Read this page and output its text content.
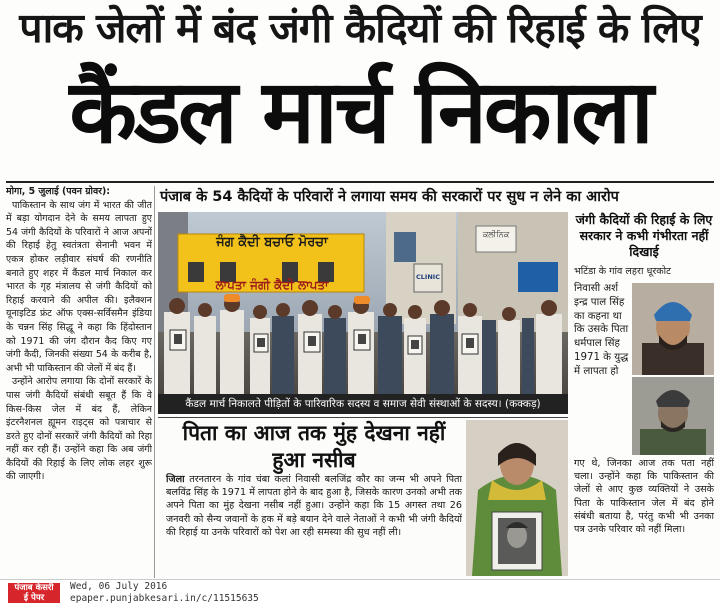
पाक जेलों में बंद जंगी कैदियों की रिहाई के लिए
कैंडल मार्च निकाला
मोगा, 5 जुलाई (पवन ग्रोवर):

पाकिस्तान के साथ जंग में भारत की जीत में बड़ा योगदान देने के समय लापता हुए 54 जंगी कैदियों के परिवारों ने आज अपनों की रिहाई हेतु स्वतंत्रता सेनानी भवन में एकत्र होकर लड़ीवार संघर्ष की रणनीति बनाते हुए शहर में कैंडल मार्च निकाल कर भारत के गृह मंत्रालय से जंगी कैदियों को रिहाई करवाने की अपील की। इलैक्शन यूनाइटिड फ्रंट ऑफ एक्स-सर्विसमैन इंडिया के चन्नन सिंह सिद्धू ने कहा कि हिंदोस्तान को 1971 की जंग दौरान कैद किए गए जंगी कैदी, जिनकी संख्या 54 के करीब है, अभी भी पाकिस्तान की जेलों में बंद हैं।

उन्होंने आरोप लगाया कि दोनों सरकारें के पास जंगी कैदियों संबंधी सबूत हैं कि वे किस-किस जेल में बंद हैं, लेकिन इंटरनैशनल ह्यूमन राइट्स को पत्राचार से डरते हुए दोनों सरकारें जंगी कैदियों को रिहा नहीं कर रही हैं। उन्होंने कहा कि अब जंगी कैदियों की रिहाई के लिए लोक लहर शुरू की जाएगी।

पंजाब के 54 कैदियों के परिवारों ने लगाया समय की सरकारों पर सुध न लेने का आरोप
ਜੰਗ ਕੈਦੀ ਬਚਾਓ ਮੋਰਚਾ
ਲਾਪਤਾ ਜੰਗੀ ਕੈਦੀ ਲਾਪਤਾ
ਕਲੀਨਿਕ
CLINIC
कैंडल मार्च निकालते पीड़ितों के पारिवारिक सदस्य व समाज सेवी संस्थाओं के सदस्य। (कक्कड़)
जंगी कैदियों की रिहाई के लिए सरकार ने कभी गंभीरता नहीं दिखाई
भटिंडा के गांव लहरा धूरकोट
निवासी अर्श इन्द्र पाल सिंह का कहना था कि उसके पिता धर्मपाल सिंह 1971 के युद्ध में लापता हो
गए थे, जिनका आज तक पता नहीं चला। उन्होंने कहा कि पाकिस्तान की जेलों से आए कुछ व्यक्तियों ने उसके पिता के पाकिस्तान जेल में बंद होने संबंधी बताया है, परंतु कभी भी उनका पत्र उनके परिवार को नहीं मिला।
पिता का आज तक मुंह देखना नहीं हुआ नसीब
जिला तरनतारन के गांव चंबा कलां निवासी बलजिंद्र कौर का जन्म भी अपने पिता बलविंद्र सिंह के 1971 में लापता होने के बाद हुआ है, जिसके कारण उनको अभी तक अपने पिता का मुंह देखना नसीब नहीं हुआ। उन्होंने कहा कि 15 अगस्त तथा 26 जनवरी को सैन्य जवानों के हक में बड़े बयान देने वाले नेताओं ने कभी भी जंगी कैदियों की रिहाई या उनके परिवारों को पेश आ रही समस्या की सुध नहीं ली।
पंजाब केसरी
ई पेपर
Wed, 06 July 2016
epaper.punjabkesari.in/c/11515635
